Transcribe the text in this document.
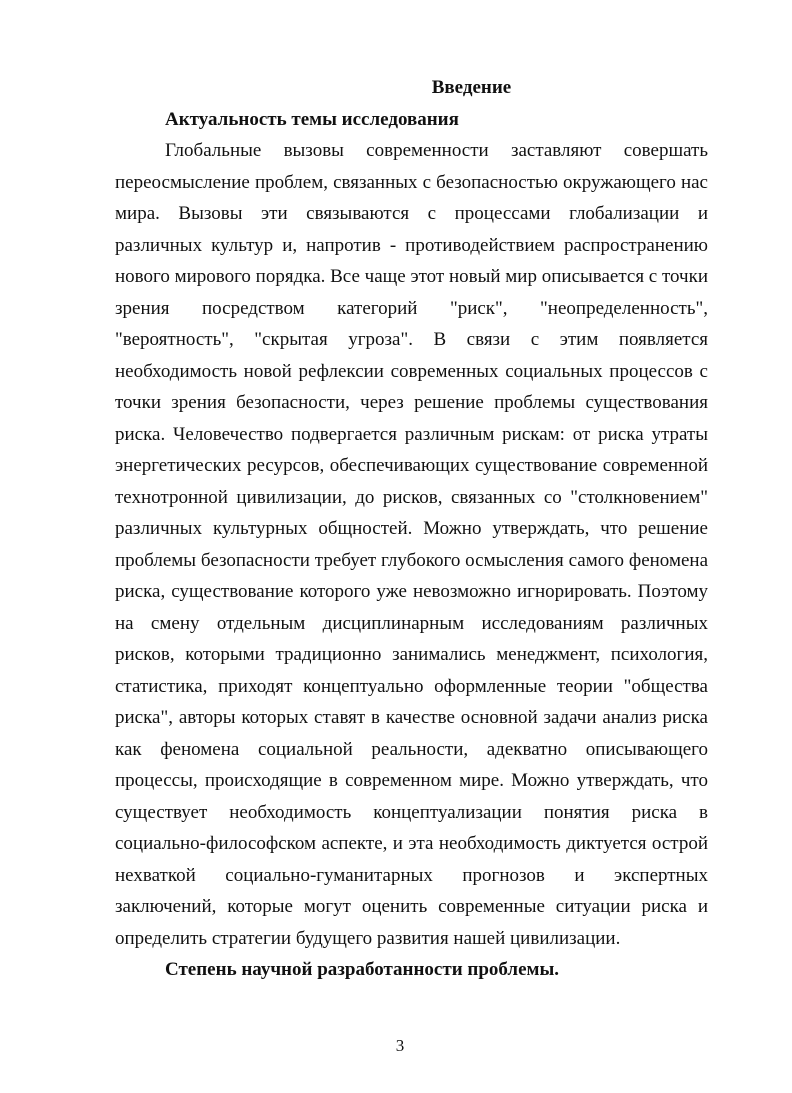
Введение
Актуальность темы исследования
Глобальные вызовы современности заставляют совершать
переосмысление проблем, связанных с безопасностью окружающего нас
мира. Вызовы эти связываются с процессами глобализации и
различных культур и, напротив - противодействием распространению
нового мирового порядка. Все чаще этот новый мир описывается с точки
зрения посредством категорий "риск", "неопределенность",
"вероятность", "скрытая угроза". В связи с этим появляется
необходимость новой рефлексии современных социальных процессов с
точки зрения безопасности, через решение проблемы существования
риска. Человечество подвергается различным рискам: от риска утраты
энергетических ресурсов, обеспечивающих существование современной
технотронной цивилизации, до рисков, связанных со "столкновением"
различных культурных общностей. Можно утверждать, что решение
проблемы безопасности требует глубокого осмысления самого феномена
риска, существование которого уже невозможно игнорировать. Поэтому
на смену отдельным дисциплинарным исследованиям различных
рисков, которыми традиционно занимались менеджмент, психология,
статистика, приходят концептуально оформленные теории "общества
риска", авторы которых ставят в качестве основной задачи анализ риска
как феномена социальной реальности, адекватно описывающего
процессы, происходящие в современном мире. Можно утверждать, что
существует необходимость концептуализации понятия риска в
социально-философском аспекте, и эта необходимость диктуется острой
нехваткой социально-гуманитарных прогнозов и экспертных
заключений, которые могут оценить современные ситуации риска и
определить стратегии будущего развития нашей цивилизации.
Степень научной разработанности проблемы.
3
